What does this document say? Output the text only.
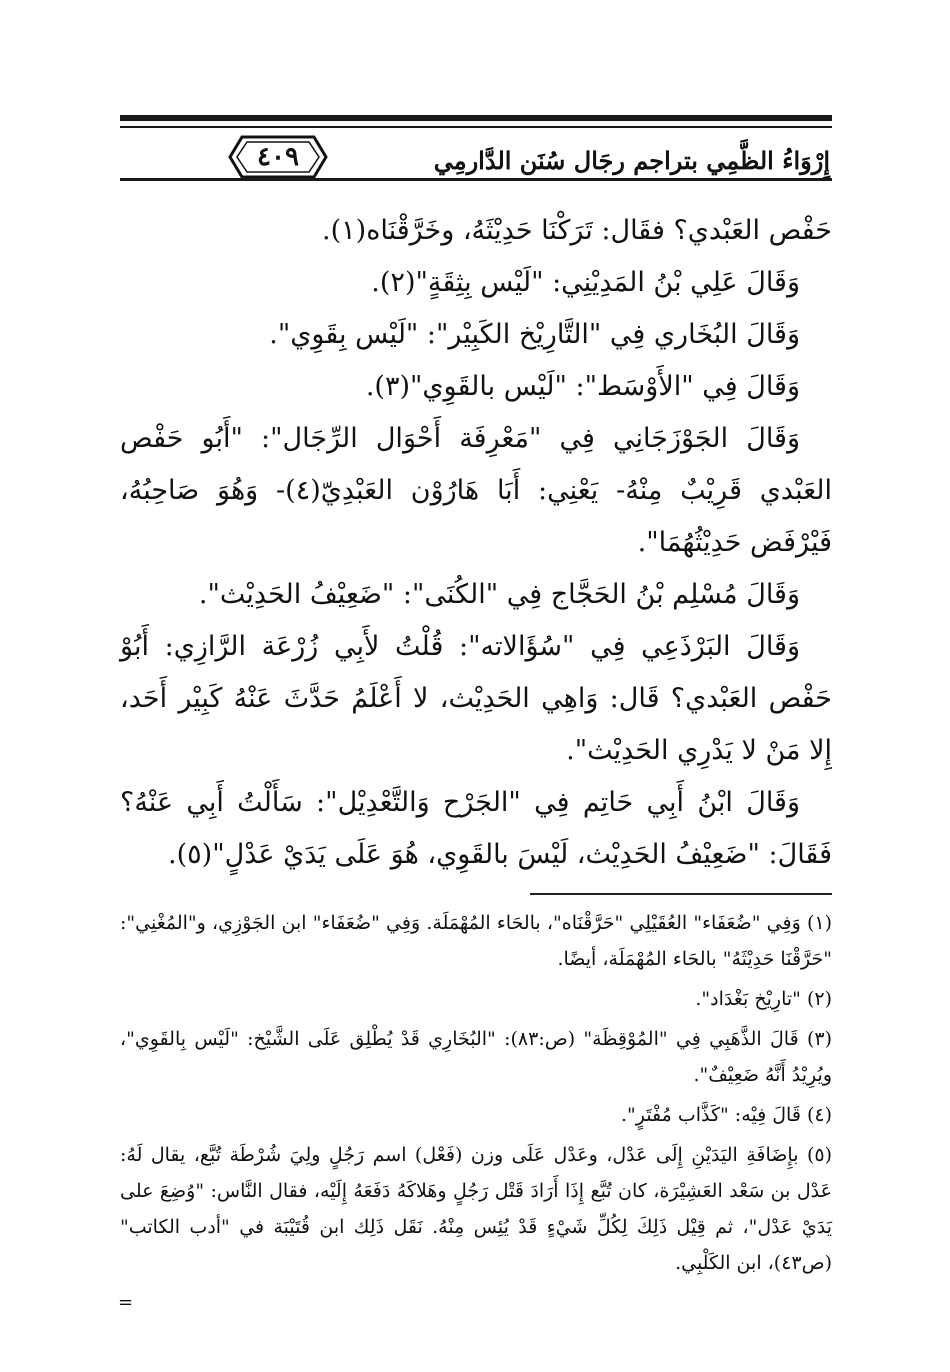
٤٠٩	إِرْوَاءُ الظَّمِي بتراجم رجَال سُنَن الدَّارمِي

حَفْص العَبْدي؟ فقَال: تَرَكْنَا حَدِيْثَهُ، وخَرَّقْنَاه(١).

وَقَالَ عَلِي بْنُ المَدِيْنِي: "لَيْس بِثِقَةٍ"(٢).

وَقَالَ البُخَاري فِي "التَّارِيْخ الكَبِيْر": "لَيْس بِقَوِي".

وَقَالَ فِي "الأَوْسَط": "لَيْس بالقَوِي"(٣).

وَقَالَ الجَوْزَجَانِي فِي "مَعْرِفَة أَحْوَال الرِّجَال": "أَبُو حَفْص العَبْدي قَرِيْبٌ مِنْهُ- يَعْنِي: أَبَا هَارُوْن العَبْدِيّ(٤)- وَهُوَ صَاحِبُهُ، فَيْرْفَض حَدِيْثُهُمَا".

وَقَالَ مُسْلِم بْنُ الحَجَّاج فِي "الكُنَى": "ضَعِيْفُ الحَدِيْث".

وَقَالَ البَرْذَعِي فِي "سُؤَالاته": قُلْتُ لأَبِي زُرْعَة الرَّازِي: أَبُوْ حَفْص العَبْدي؟ قَال: وَاهِي الحَدِيْث، لا أَعْلَمُ حَدَّثَ عَنْهُ كَبِيْر أَحَد، إِلا مَنْ لا يَدْرِي الحَدِيْث".

وَقَالَ ابْنُ أَبِي حَاتِم فِي "الجَرْح وَالتَّعْدِيْل": سَأَلْتُ أَبِي عَنْهُ؟ فَقَالَ: "ضَعِيْفُ الحَدِيْث، لَيْسَ بالقَوِي، هُوَ عَلَى يَدَيْ عَدْلٍ"(٥).

(١) وَفِي "ضُعَفَاء" العُقَيْلِي "حَرَّقْنَاه"، بالحَاء المُهْمَلَة. وَفِي "ضُعَفَاء" ابن الجَوْزِي، و"المُغْنِي": "حَرَّقْنَا حَدِيْثَهُ" بالحَاء المُهْمَلَة، أيضًا.

(٢) "تارِيْخ بَغْدَاد".

(٣) قَالَ الذَّهَبِي فِي "المُوْقِظَة" (ص:٨٣): "البُخَارِي قَدْ يُطْلِق عَلَى الشَّيْخ: "لَيْس بِالقَوِي"، ويُرِيْدُ أَنَّهُ ضَعِيْفٌ".

(٤) قَالَ فِيْه: "كَذَّاب مُفْتَرٍ".

(٥) بإِضَافَةِ اليَدَيْنِ إِلَى عَدْل، وعَدْل عَلَى وزن (فَعْل) اسم رَجُلٍ ولِيَ شُرْطَة تُبَّع، يقال لَهُ: عَدْل بن سَعْد العَشِيْرَة، كان تُبَّع إِذَا أَرَادَ قَتْل رَجُلٍ وهَلاكَهُ دَفَعَهُ إِلَيْه، فقال النَّاس: "وُضِعَ على يَدَيْ عَدْل"، ثم قِيْل ذَلِكَ لِكُلِّ شَيْءٍ قَدْ يُئِس مِنْهُ. نَقَل ذَلِك ابن قُتَيْبَة في "أدب الكاتب" (ص٤٣)، ابن الكَلْبِي.

=
